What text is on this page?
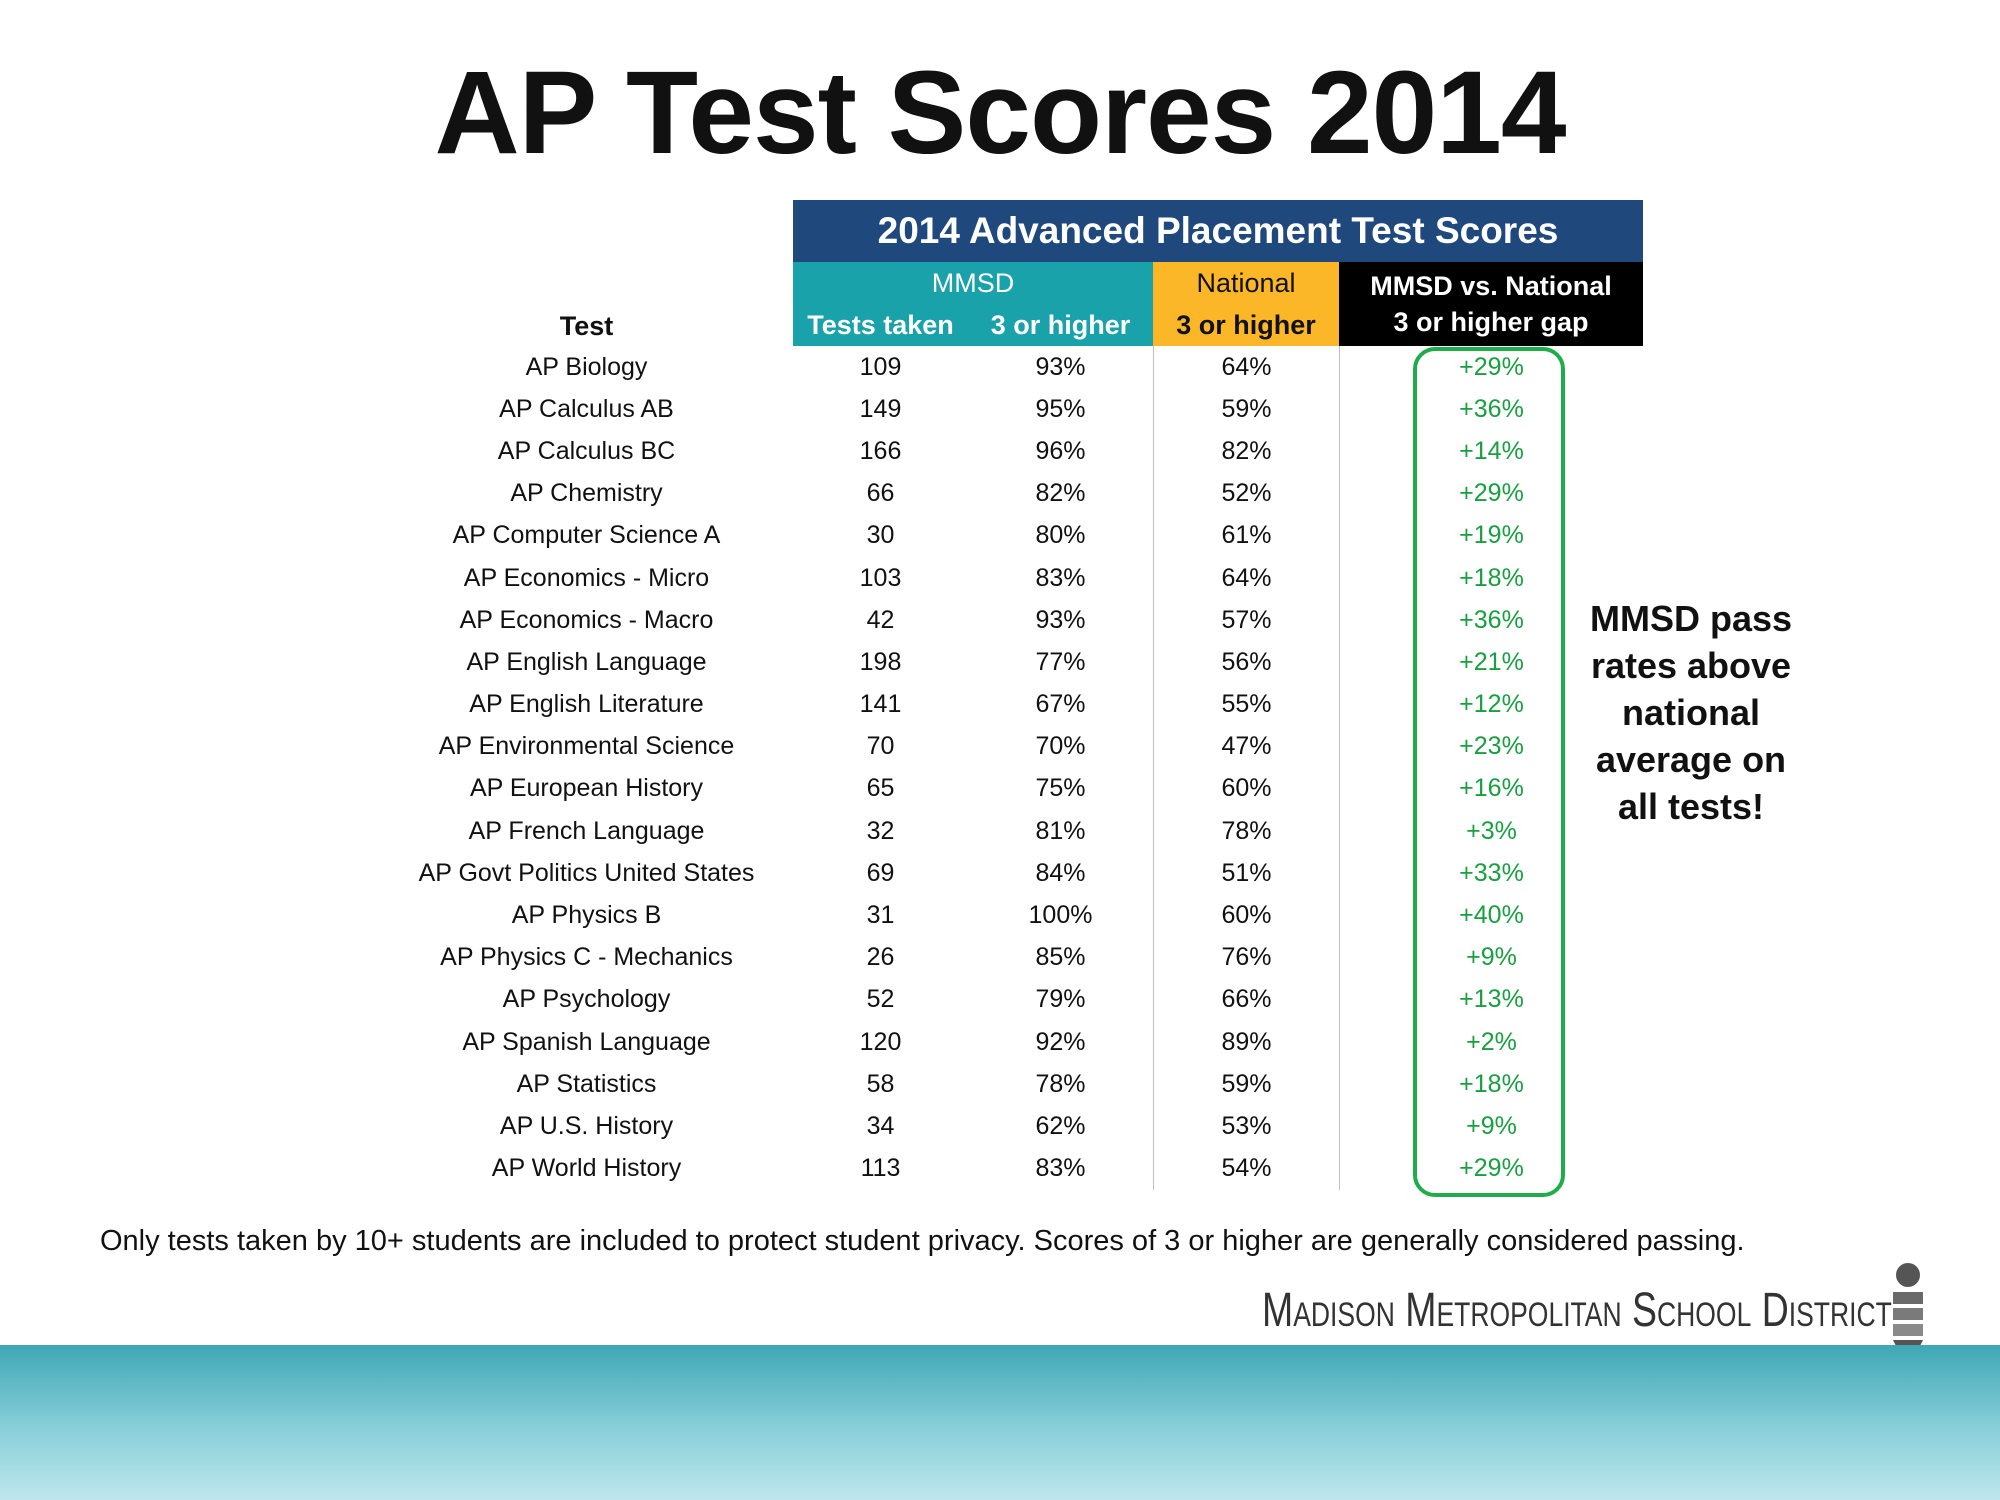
AP Test Scores 2014
2014 Advanced Placement Test Scores
Test
MMSD	National	MMSD vs. National
3 or higher gap
Tests taken	3 or higher	3 or higher
AP Biology	109	93%	64%	+29%
AP Calculus AB	149	95%	59%	+36%
AP Calculus BC	166	96%	82%	+14%
AP Chemistry	66	82%	52%	+29%
AP Computer Science A	30	80%	61%	+19%
AP Economics - Micro	103	83%	64%	+18%
AP Economics - Macro	42	93%	57%	+36%
AP English Language	198	77%	56%	+21%
AP English Literature	141	67%	55%	+12%
AP Environmental Science	70	70%	47%	+23%
AP European History	65	75%	60%	+16%
AP French Language	32	81%	78%	+3%
AP Govt Politics United States	69	84%	51%	+33%
AP Physics B	31	100%	60%	+40%
AP Physics C - Mechanics	26	85%	76%	+9%
AP Psychology	52	79%	66%	+13%
AP Spanish Language	120	92%	89%	+2%
AP Statistics	58	78%	59%	+18%
AP U.S. History	34	62%	53%	+9%
AP World History	113	83%	54%	+29%
MMSD pass
rates above
national
average on
all tests!
Only tests taken by 10+ students are included to protect student privacy. Scores of 3 or higher are generally considered passing.
Madison Metropolitan School District
